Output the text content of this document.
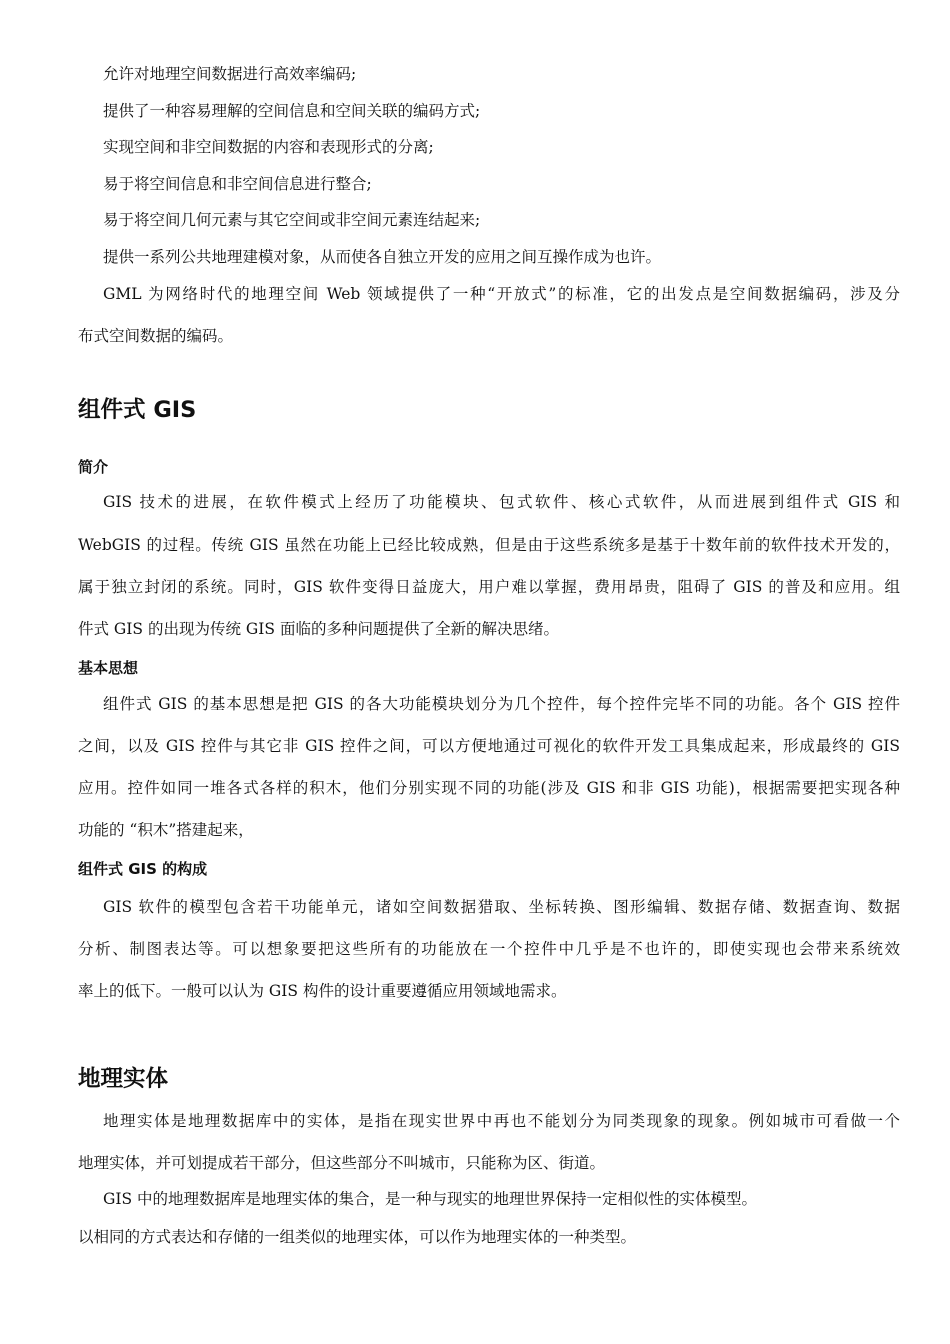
允许对地理空间数据进行高效率编码;
提供了一种容易理解的空间信息和空间关联的编码方式;
实现空间和非空间数据的内容和表现形式的分离;
易于将空间信息和非空间信息进行整合;
易于将空间几何元素与其它空间或非空间元素连结起来;
提供一系列公共地理建模对象，从而使各自独立开发的应用之间互操作成为也许。
GML 为网络时代的地理空间 Web 领域提供了一种“开放式”的标准，它的出发点是空间数据编码，涉及分
布式空间数据的编码。
组件式 GIS
简介
GIS 技术的进展，在软件模式上经历了功能模块、包式软件、核心式软件，从而进展到组件式 GIS 和
WebGIS 的过程。传统 GIS 虽然在功能上已经比较成熟，但是由于这些系统多是基于十数年前的软件技术开发的，
属于独立封闭的系统。同时，GIS 软件变得日益庞大，用户难以掌握，费用昂贵，阻碍了 GIS 的普及和应用。组
件式 GIS 的出现为传统 GIS 面临的多种问题提供了全新的解决思绪。
基本思想
组件式 GIS 的基本思想是把 GIS 的各大功能模块划分为几个控件，每个控件完毕不同的功能。各个 GIS 控件
之间，以及 GIS 控件与其它非 GIS 控件之间，可以方便地通过可视化的软件开发工具集成起来，形成最终的 GIS
应用。控件如同一堆各式各样的积木，他们分别实现不同的功能(涉及 GIS 和非 GIS 功能)，根据需要把实现各种
功能的 “积木”搭建起来，
组件式 GIS 的构成
GIS 软件的模型包含若干功能单元，诸如空间数据猎取、坐标转换、图形编辑、数据存储、数据查询、数据
分析、制图表达等。可以想象要把这些所有的功能放在一个控件中几乎是不也许的，即使实现也会带来系统效
率上的低下。一般可以认为 GIS 构件的设计重要遵循应用领域地需求。
地理实体
地理实体是地理数据库中的实体，是指在现实世界中再也不能划分为同类现象的现象。例如城市可看做一个
地理实体，并可划提成若干部分，但这些部分不叫城市，只能称为区、街道。
GIS 中的地理数据库是地理实体的集合，是一种与现实的地理世界保持一定相似性的实体模型。
以相同的方式表达和存储的一组类似的地理实体，可以作为地理实体的一种类型。
